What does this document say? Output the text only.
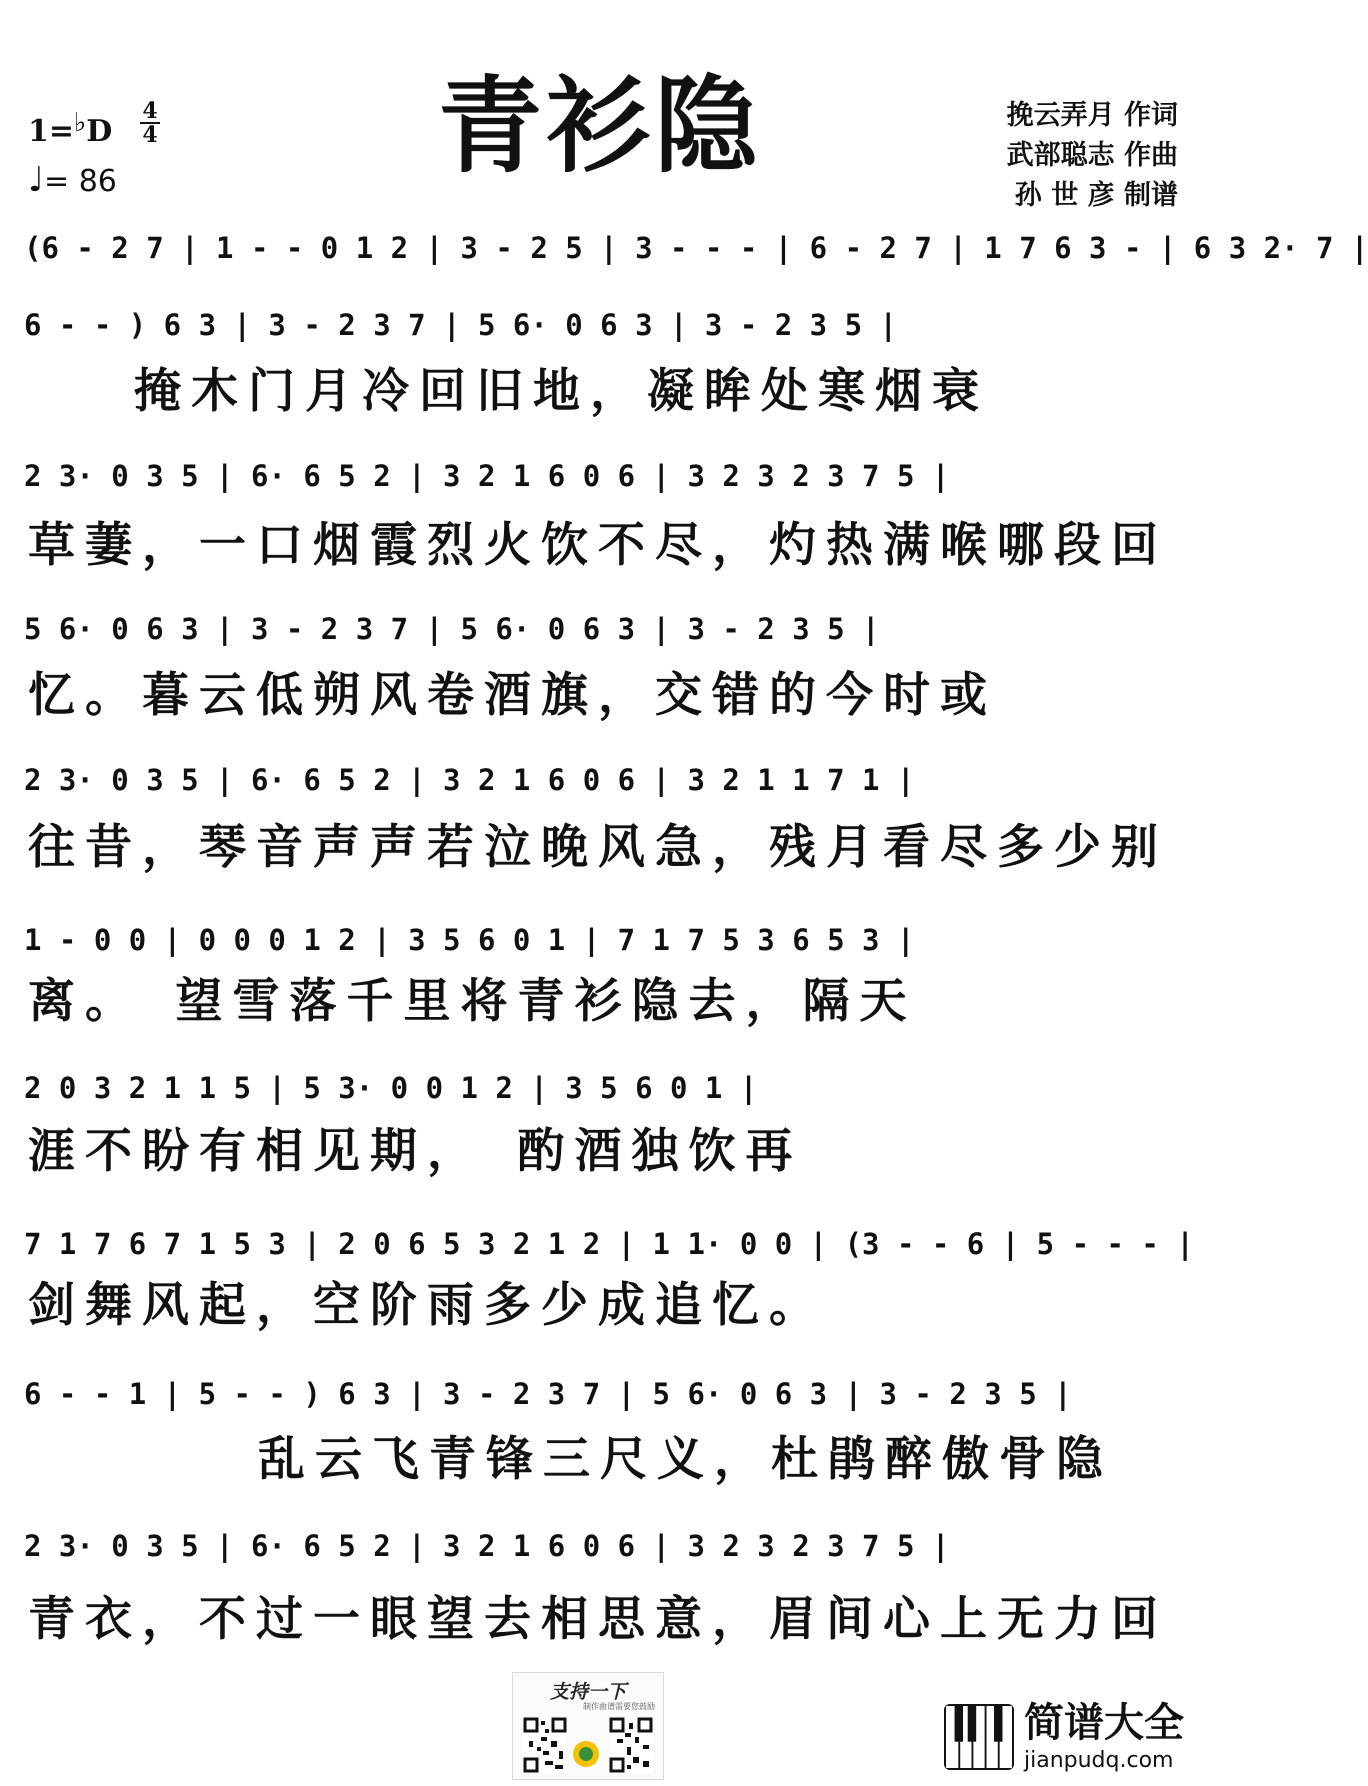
青衫隐
1=♭D
4
4
♩= 86
挽云弄月 作词
武部聪志 作曲
孙 世 彦 制谱
(6 - 2 7 | 1 - - 0 1 2 | 3 - 2 5 | 3 - - - | 6 - 2 7 | 1 7 6 3 - | 6 3 2· 7 |
6 - - ) 6 3 | 3 - 2 3 7 | 5 6· 0 6 3 | 3 - 2 3 5 |
掩木门月冷回旧地，凝眸处寒烟衰
2 3· 0 3 5 | 6· 6 5 2 | 3 2 1 6 0 6 | 3 2 3 2 3 7 5 |
草萋，一口烟霞烈火饮不尽，灼热满喉哪段回
5 6· 0 6 3 | 3 - 2 3 7 | 5 6· 0 6 3 | 3 - 2 3 5 |
忆。暮云低朔风卷酒旗，交错的今时或
2 3· 0 3 5 | 6· 6 5 2 | 3 2 1 6 0 6 | 3 2 1 1 7 1 |
往昔，琴音声声若泣晚风急，残月看尽多少别
1 - 0 0 | 0 0 0 1 2 | 3 5 6 0 1 | 7 1 7 5 3 6 5 3 |
离。　望雪落千里将青衫隐去，隔天
2 0 3 2 1 1 5 | 5 3· 0 0 1 2 | 3 5 6 0 1 |
涯不盼有相见期，　酌酒独饮再
7 1 7 6 7 1 5 3 | 2 0 6 5 3 2 1 2 | 1 1· 0 0 | (3 - - 6 | 5 - - - |
剑舞风起，空阶雨多少成追忆。
6 - - 1 | 5 - - ) 6 3 | 3 - 2 3 7 | 5 6· 0 6 3 | 3 - 2 3 5 |
乱云飞青锋三尺义，杜鹃醉傲骨隐
2 3· 0 3 5 | 6· 6 5 2 | 3 2 1 6 0 6 | 3 2 3 2 3 7 5 |
青衣，不过一眼望去相思意，眉间心上无力回
支持一下
制作曲谱需要您鼓励	简谱大全
jianpudq.com
